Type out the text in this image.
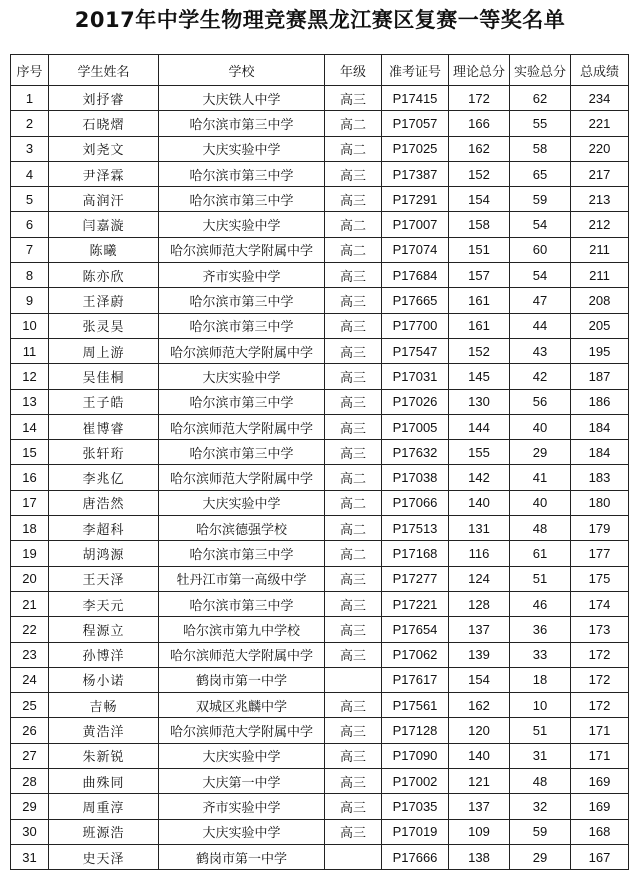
2017年中学生物理竞赛黑龙江赛区复赛一等奖名单
序号	学生姓名	学校	年级	准考证号	理论总分	实验总分	总成绩
1	刘抒睿	大庆铁人中学	高三	P17415	172	62	234
2	石晓熠	哈尔滨市第三中学	高二	P17057	166	55	221
3	刘尧文	大庆实验中学	高二	P17025	162	58	220
4	尹泽霖	哈尔滨市第三中学	高三	P17387	152	65	217
5	高润汗	哈尔滨市第三中学	高三	P17291	154	59	213
6	闫嘉漩	大庆实验中学	高二	P17007	158	54	212
7	陈曦	哈尔滨师范大学附属中学	高二	P17074	151	60	211
8	陈亦欣	齐市实验中学	高三	P17684	157	54	211
9	王泽蔚	哈尔滨市第三中学	高三	P17665	161	47	208
10	张灵昊	哈尔滨市第三中学	高三	P17700	161	44	205
11	周上游	哈尔滨师范大学附属中学	高三	P17547	152	43	195
12	吴佳桐	大庆实验中学	高三	P17031	145	42	187
13	王子皓	哈尔滨市第三中学	高三	P17026	130	56	186
14	崔博睿	哈尔滨师范大学附属中学	高三	P17005	144	40	184
15	张轩珩	哈尔滨市第三中学	高三	P17632	155	29	184
16	李兆亿	哈尔滨师范大学附属中学	高二	P17038	142	41	183
17	唐浩然	大庆实验中学	高二	P17066	140	40	180
18	李超科	哈尔滨德强学校	高二	P17513	131	48	179
19	胡鸿源	哈尔滨市第三中学	高二	P17168	116	61	177
20	王天泽	牡丹江市第一高级中学	高三	P17277	124	51	175
21	李天元	哈尔滨市第三中学	高三	P17221	128	46	174
22	程源立	哈尔滨市第九中学校	高三	P17654	137	36	173
23	孙博洋	哈尔滨师范大学附属中学	高三	P17062	139	33	172
24	杨小诺	鹤岗市第一中学		P17617	154	18	172
25	吉畅	双城区兆麟中学	高三	P17561	162	10	172
26	黄浩洋	哈尔滨师范大学附属中学	高三	P17128	120	51	171
27	朱新锐	大庆实验中学	高三	P17090	140	31	171
28	曲殊同	大庆第一中学	高三	P17002	121	48	169
29	周重淳	齐市实验中学	高三	P17035	137	32	169
30	班源浩	大庆实验中学	高三	P17019	109	59	168
31	史天泽	鹤岗市第一中学		P17666	138	29	167
